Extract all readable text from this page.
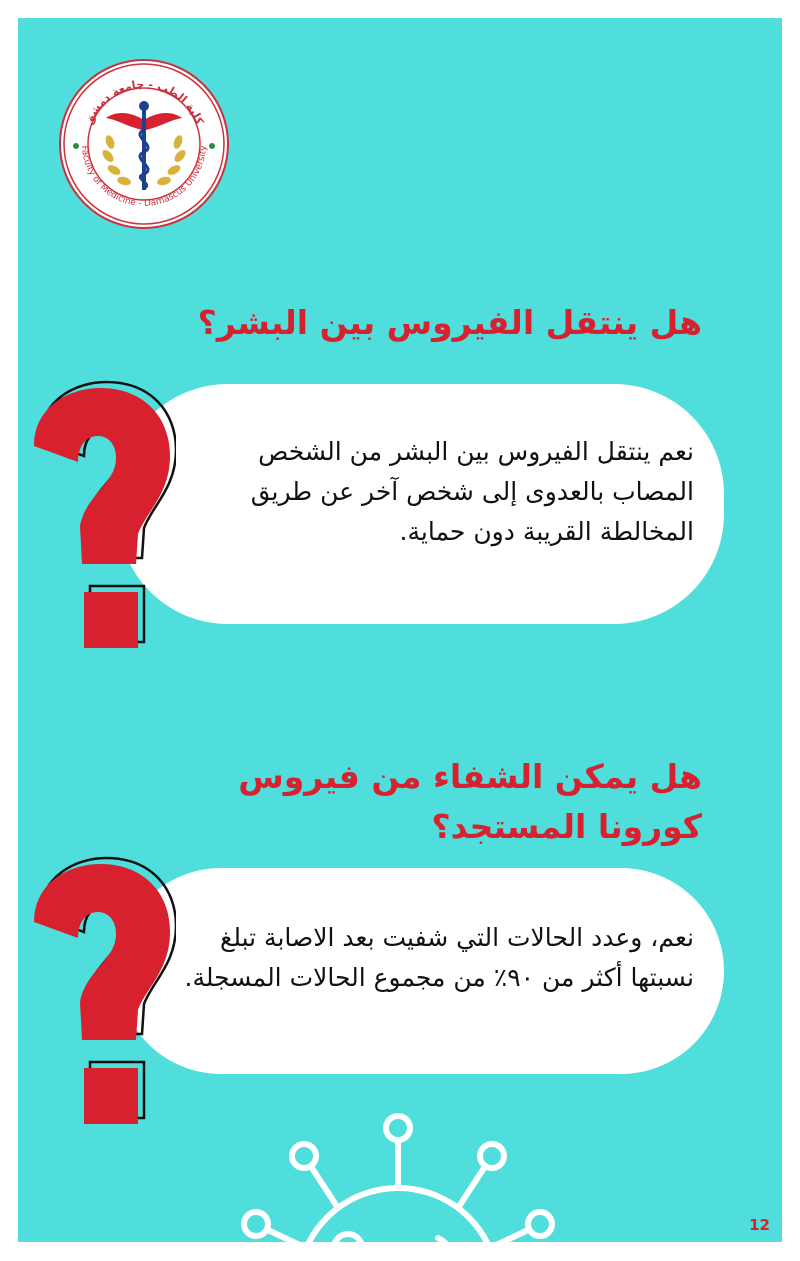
كلية الطب - جامعة دمشق
Faculty of Medicine - Damascus University
هل ينتقل الفيروس بين البشر؟

نعم ينتقل الفيروس بين البشر من الشخص المصاب بالعدوى إلى شخص آخر عن طريق المخالطة القريبة دون حماية.

هل يمكن الشفاء من فيروس كورونا المستجد؟

نعم، وعدد الحالات التي شفيت بعد الاصابة تبلغ نسبتها أكثر من ٩٠٪ من مجموع الحالات المسجلة.

12
